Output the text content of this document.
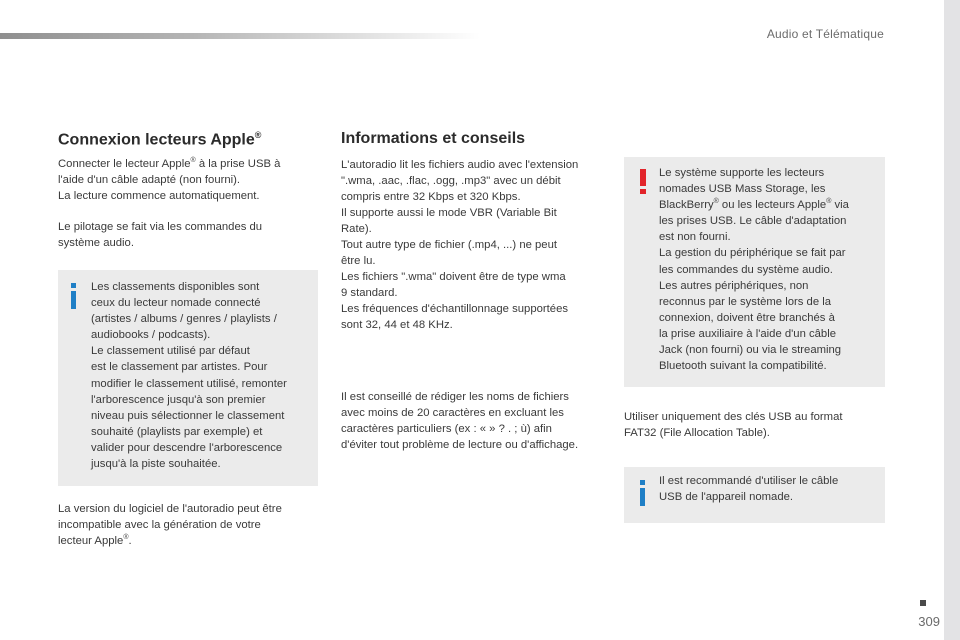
Audio et Télématique
Connexion lecteurs Apple®
Connecter le lecteur Apple® à la prise USB à
l'aide d'un câble adapté (non fourni).
La lecture commence automatiquement.
Le pilotage se fait via les commandes du
système audio.
Les classements disponibles sont
ceux du lecteur nomade connecté
(artistes / albums / genres / playlists /
audiobooks / podcasts).
Le classement utilisé par défaut
est le classement par artistes. Pour
modifier le classement utilisé, remonter
l'arborescence jusqu'à son premier
niveau puis sélectionner le classement
souhaité (playlists par exemple) et
valider pour descendre l'arborescence
jusqu'à la piste souhaitée.
La version du logiciel de l'autoradio peut être
incompatible avec la génération de votre
lecteur Apple®.
Informations et conseils
L'autoradio lit les fichiers audio avec l'extension
".wma, .aac, .flac, .ogg, .mp3" avec un débit
compris entre 32 Kbps et 320 Kbps.
Il supporte aussi le mode VBR (Variable Bit
Rate).
Tout autre type de fichier (.mp4, ...) ne peut
être lu.
Les fichiers ".wma" doivent être de type wma
9 standard.
Les fréquences d'échantillonnage supportées
sont 32, 44 et 48 KHz.
Il est conseillé de rédiger les noms de fichiers
avec moins de 20 caractères en excluant les
caractères particuliers (ex : « » ? . ; ù) afin
d'éviter tout problème de lecture ou d'affichage.
Le système supporte les lecteurs
nomades USB Mass Storage, les
BlackBerry® ou les lecteurs Apple® via
les prises USB. Le câble d'adaptation
est non fourni.
La gestion du périphérique se fait par
les commandes du système audio.
Les autres périphériques, non
reconnus par le système lors de la
connexion, doivent être branchés à
la prise auxiliaire à l'aide d'un câble
Jack (non fourni) ou via le streaming
Bluetooth suivant la compatibilité.
Utiliser uniquement des clés USB au format
FAT32 (File Allocation Table).
Il est recommandé d'utiliser le câble
USB de l'appareil nomade.
309
